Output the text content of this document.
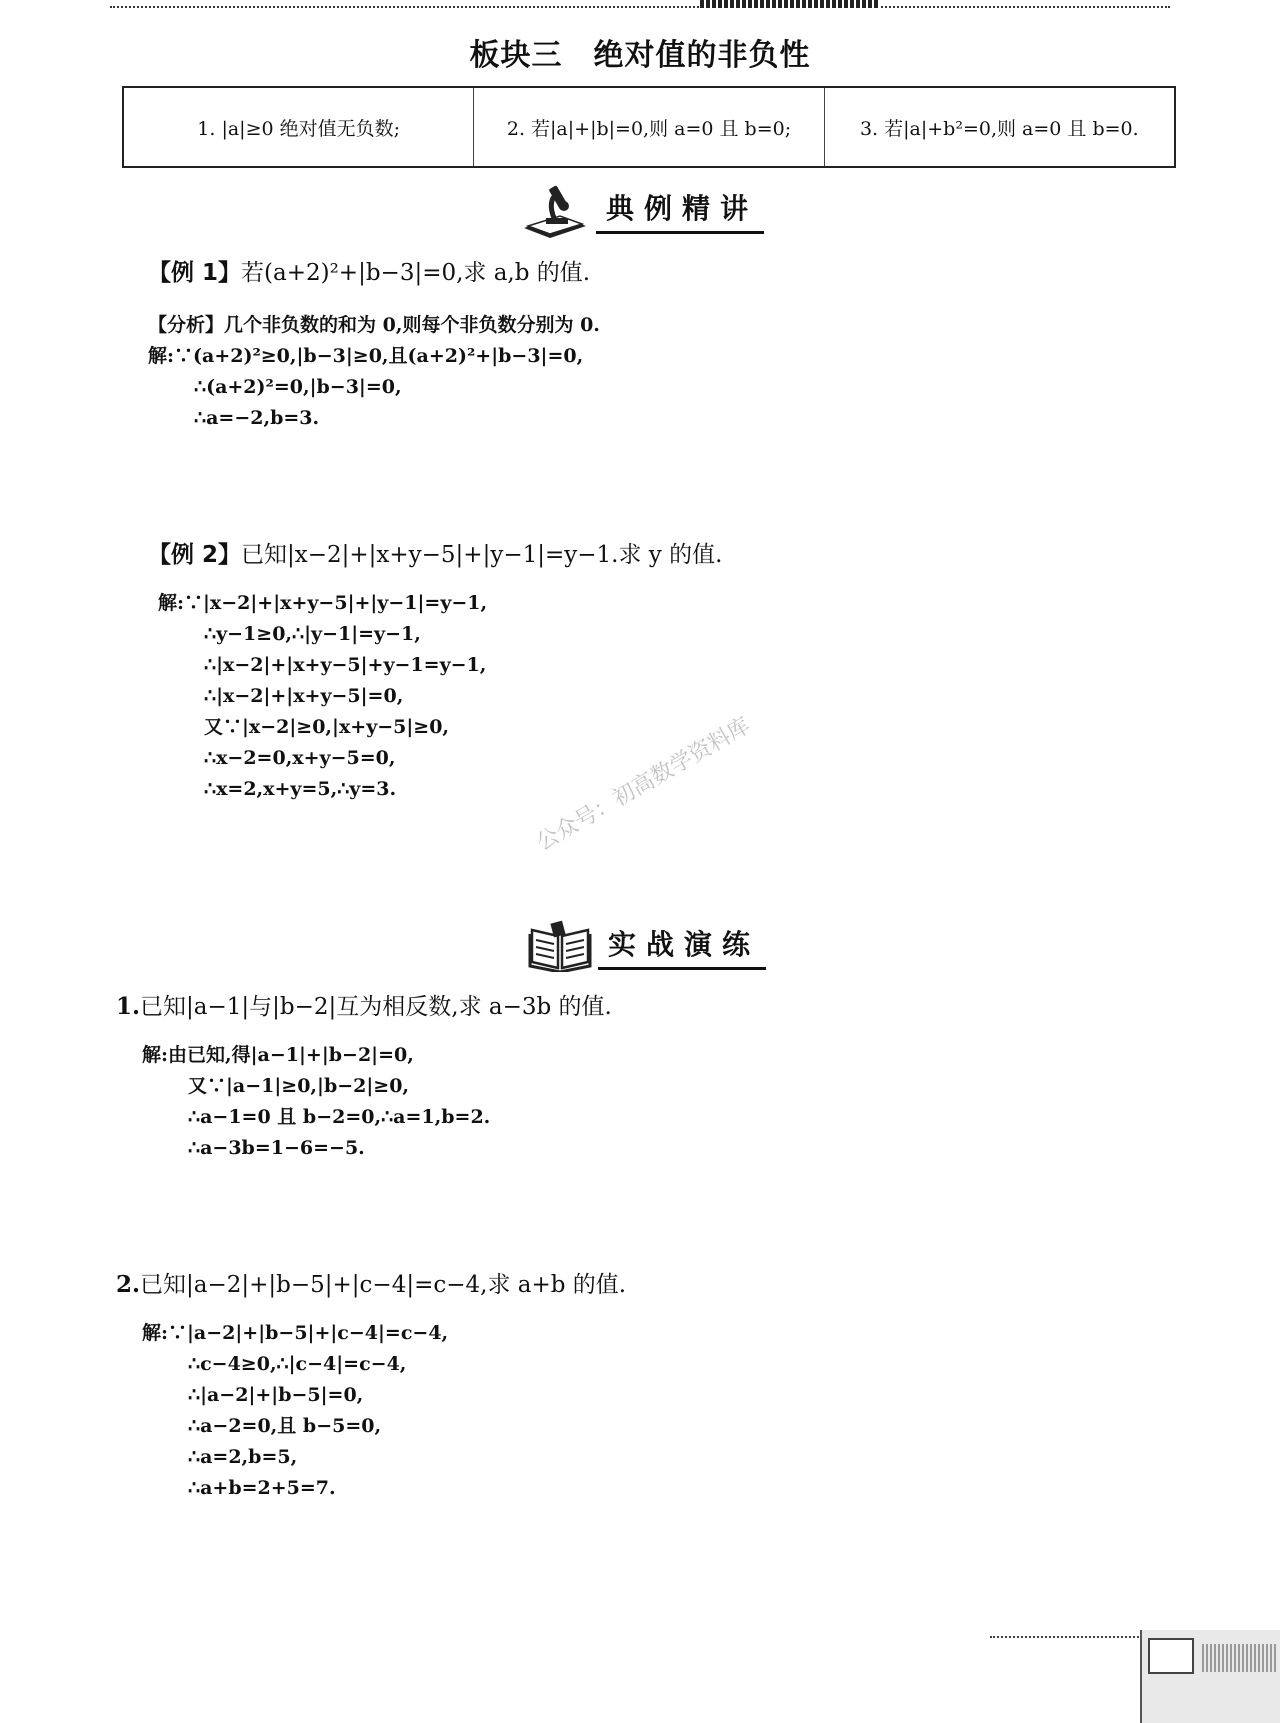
板块三　绝对值的非负性
1. |a|≥0 绝对值无负数;	2. 若|a|+|b|=0,则 a=0 且 b=0;	3. 若|a|+b²=0,则 a=0 且 b=0.
典例精讲
【例 1】若(a+2)²+|b−3|=0,求 a,b 的值.
【分析】几个非负数的和为 0,则每个非负数分别为 0.
解:∵(a+2)²≥0,|b−3|≥0,且(a+2)²+|b−3|=0,
∴(a+2)²=0,|b−3|=0,
∴a=−2,b=3.
【例 2】已知|x−2|+|x+y−5|+|y−1|=y−1.求 y 的值.
解:∵|x−2|+|x+y−5|+|y−1|=y−1,
∴y−1≥0,∴|y−1|=y−1,
∴|x−2|+|x+y−5|+y−1=y−1,
∴|x−2|+|x+y−5|=0,
又∵|x−2|≥0,|x+y−5|≥0,
∴x−2=0,x+y−5=0,
∴x=2,x+y=5,∴y=3.	公众号：初高数学资料库
实战演练
1.已知|a−1|与|b−2|互为相反数,求 a−3b 的值.
解:由已知,得|a−1|+|b−2|=0,
又∵|a−1|≥0,|b−2|≥0,
∴a−1=0 且 b−2=0,∴a=1,b=2.
∴a−3b=1−6=−5.
2.已知|a−2|+|b−5|+|c−4|=c−4,求 a+b 的值.
解:∵|a−2|+|b−5|+|c−4|=c−4,
∴c−4≥0,∴|c−4|=c−4,
∴|a−2|+|b−5|=0,
∴a−2=0,且 b−5=0,
∴a=2,b=5,
∴a+b=2+5=7.
